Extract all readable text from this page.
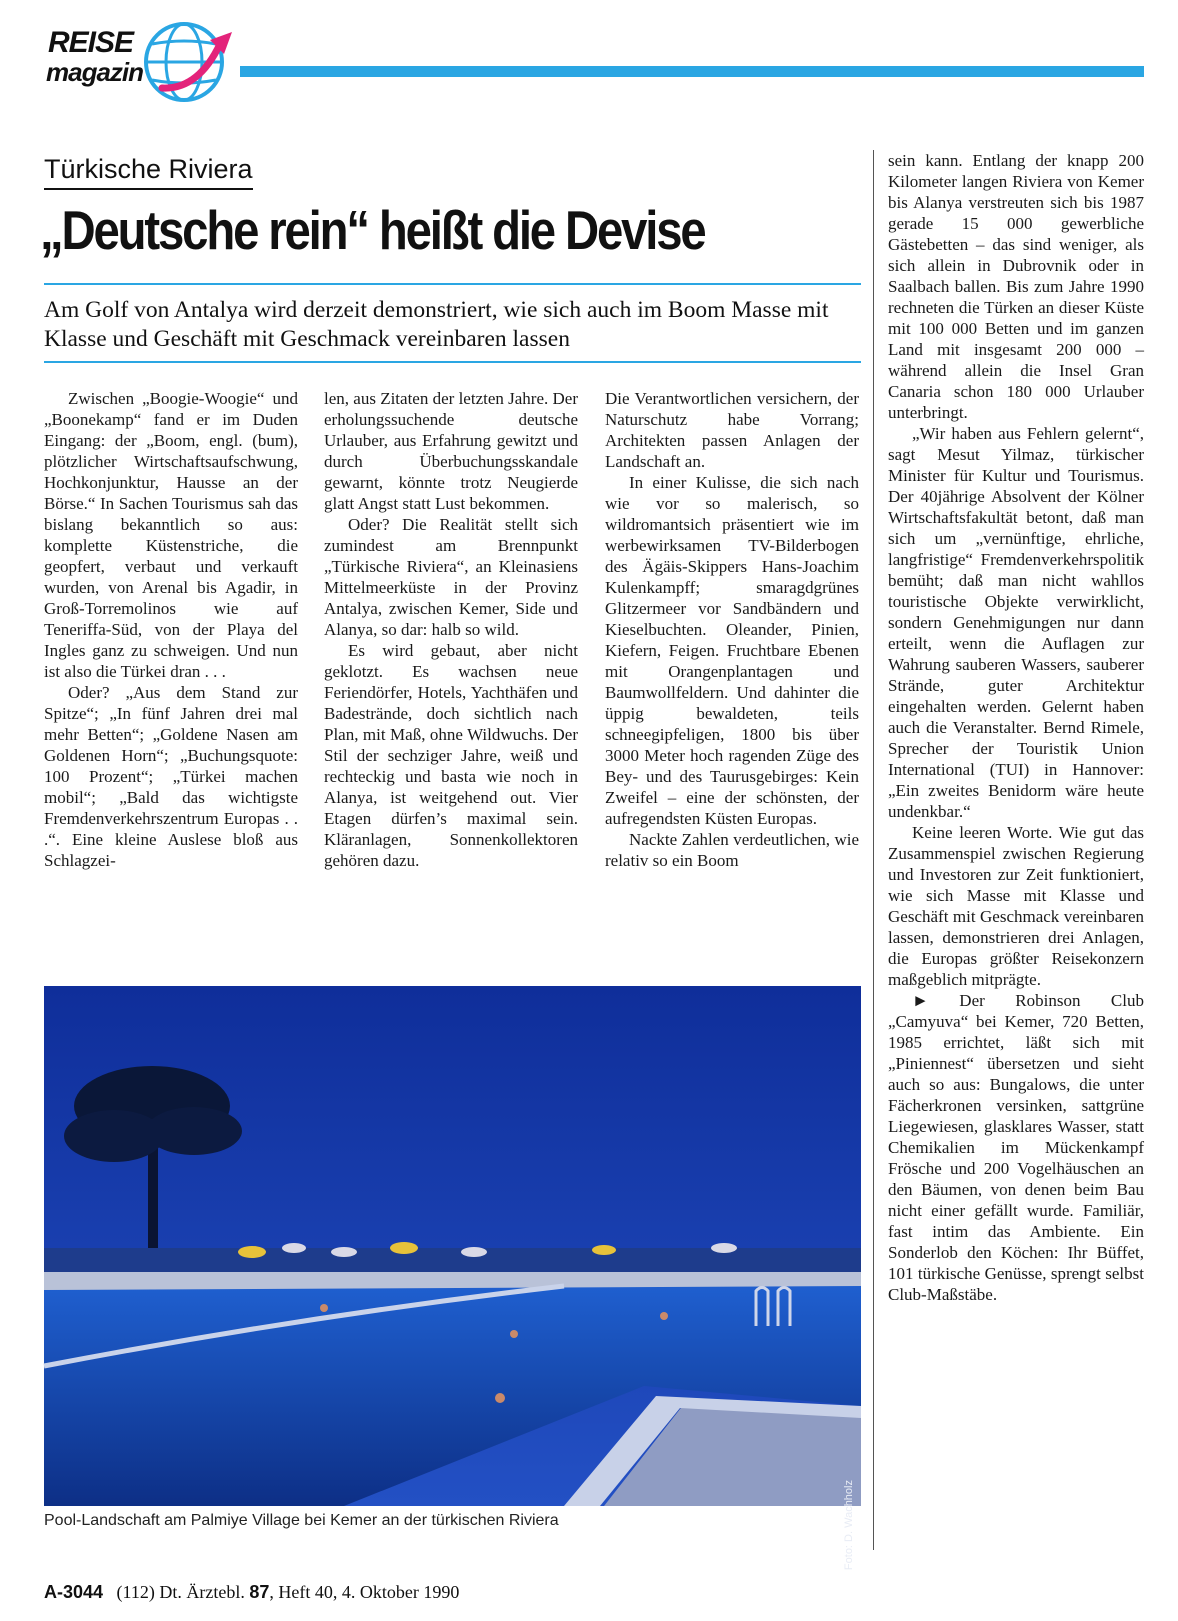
REISE
magazin
Türkische Riviera
„Deutsche rein“ heißt die Devise
Am Golf von Antalya wird derzeit demonstriert, wie sich auch im Boom Masse mit Klasse und Geschäft mit Geschmack vereinbaren lassen

Zwischen „Boogie-Woogie“ und „Boonekamp“ fand er im Duden Eingang: der „Boom, engl. (bum), plötzlicher Wirtschaftsaufschwung, Hochkonjunktur, Hausse an der Börse.“ In Sachen Tourismus sah das bislang bekanntlich so aus: komplette Küstenstriche, die geopfert, verbaut und verkauft wurden, von Arenal bis Agadir, in Groß-Torremolinos wie auf Teneriffa-Süd, von der Playa del Ingles ganz zu schweigen. Und nun ist also die Türkei dran . . .

Oder? „Aus dem Stand zur Spitze“; „In fünf Jahren drei mal mehr Betten“; „Goldene Nasen am Goldenen Horn“; „Buchungsquote: 100 Prozent“; „Türkei machen mobil“; „Bald das wichtigste Fremdenverkehrszentrum Europas . . .“. Eine kleine Auslese bloß aus Schlagzei-

len, aus Zitaten der letzten Jahre. Der erholungssuchende deutsche Urlauber, aus Erfahrung gewitzt und durch Überbuchungsskandale gewarnt, könnte trotz Neugierde glatt Angst statt Lust bekommen.

Oder? Die Realität stellt sich zumindest am Brennpunkt „Türkische Riviera“, an Kleinasiens Mittelmeerküste in der Provinz Antalya, zwischen Kemer, Side und Alanya, so dar: halb so wild.

Es wird gebaut, aber nicht geklotzt. Es wachsen neue Feriendörfer, Hotels, Yachthäfen und Badestrände, doch sichtlich nach Plan, mit Maß, ohne Wildwuchs. Der Stil der sechziger Jahre, weiß und rechteckig und basta wie noch in Alanya, ist weitgehend out. Vier Etagen dürfen’s maximal sein. Kläranlagen, Sonnenkollektoren gehören dazu.

Die Verantwortlichen versichern, der Naturschutz habe Vorrang; Architekten passen Anlagen der Landschaft an.

In einer Kulisse, die sich nach wie vor so malerisch, so wildromantsich präsentiert wie im werbewirksamen TV-Bilderbogen des Ägäis-Skippers Hans-Joachim Kulenkampff; smaragdgrünes Glitzermeer vor Sandbändern und Kieselbuchten. Oleander, Pinien, Kiefern, Feigen. Fruchtbare Ebenen mit Orangenplantagen und Baumwollfeldern. Und dahinter die üppig bewaldeten, teils schneegipfeligen, 1800 bis über 3000 Meter hoch ragenden Züge des Bey- und des Taurusgebirges: Kein Zweifel – eine der schönsten, der aufregendsten Küsten Europas.

Nackte Zahlen verdeutlichen, wie relativ so ein Boom

sein kann. Entlang der knapp 200 Kilometer langen Riviera von Kemer bis Alanya verstreuten sich bis 1987 gerade 15 000 gewerbliche Gästebetten – das sind weniger, als sich allein in Dubrovnik oder in Saalbach ballen. Bis zum Jahre 1990 rechneten die Türken an dieser Küste mit 100 000 Betten und im ganzen Land mit insgesamt 200 000 – während allein die Insel Gran Canaria schon 180 000 Urlauber unterbringt.

„Wir haben aus Fehlern gelernt“, sagt Mesut Yilmaz, türkischer Minister für Kultur und Tourismus. Der 40jährige Absolvent der Kölner Wirtschaftsfakultät betont, daß man sich um „vernünftige, ehrliche, langfristige“ Fremdenverkehrspolitik bemüht; daß man nicht wahllos touristische Objekte verwirklicht, sondern Genehmigungen nur dann erteilt, wenn die Auflagen zur Wahrung sauberen Wassers, sauberer Strände, guter Architektur eingehalten werden. Gelernt haben auch die Veranstalter. Bernd Rimele, Sprecher der Touristik Union International (TUI) in Hannover: „Ein zweites Benidorm wäre heute undenkbar.“

Keine leeren Worte. Wie gut das Zusammenspiel zwischen Regierung und Investoren zur Zeit funktioniert, wie sich Masse mit Klasse und Geschäft mit Geschmack vereinbaren lassen, demonstrieren drei Anlagen, die Europas größter Reisekonzern maßgeblich mitprägte.

► Der Robinson Club „Camyuva“ bei Kemer, 720 Betten, 1985 errichtet, läßt sich mit „Piniennest“ übersetzen und sieht auch so aus: Bungalows, die unter Fächerkronen versinken, sattgrüne Liegewiesen, glasklares Wasser, statt Chemikalien im Mückenkampf Frösche und 200 Vogelhäuschen an den Bäumen, von denen beim Bau nicht einer gefällt wurde. Familiär, fast intim das Ambiente. Ein Sonderlob den Köchen: Ihr Büffet, 101 türkische Genüsse, sprengt selbst Club-Maßstäbe.

Foto: D. Wachholz
Pool-Landschaft am Palmiye Village bei Kemer an der türkischen Riviera
A-3044 (112) Dt. Ärztebl. 87, Heft 40, 4. Oktober 1990
